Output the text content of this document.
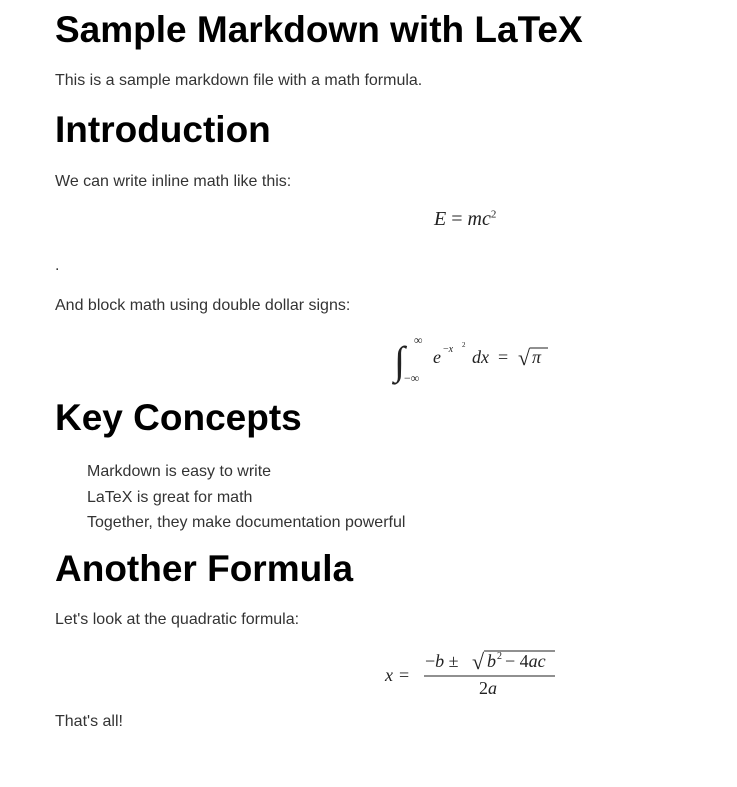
Sample Markdown with LaTeX

This is a sample markdown file with a math formula.

Introduction

We can write inline math like this:

$E = mc^2$

.

And block math using double dollar signs:

∫ ∞
−∞
e −x 2
dx = √ π
Key Concepts
Markdown is easy to write
LaTeX is great for math
Together, they make documentation powerful
Another Formula

Let's look at the quadratic formula:

x =
−b ± √ b 2 − 4ac
2a

That's all!
